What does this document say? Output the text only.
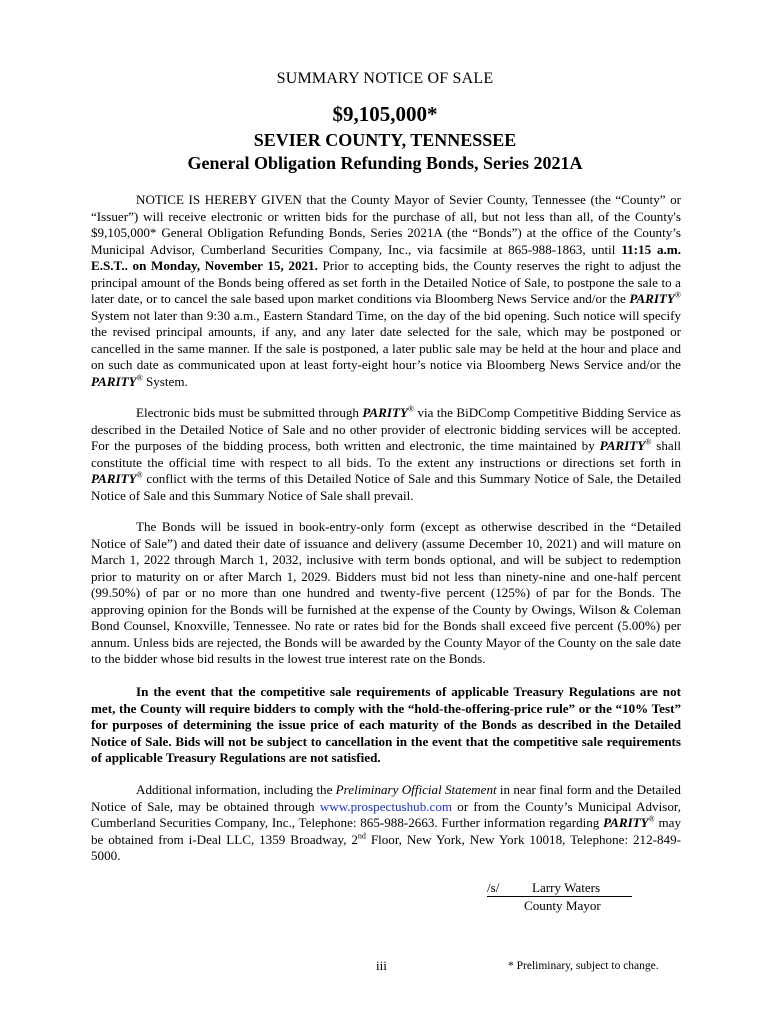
SUMMARY NOTICE OF SALE
$9,105,000*
SEVIER COUNTY, TENNESSEE
General Obligation Refunding Bonds, Series 2021A

NOTICE IS HEREBY GIVEN that the County Mayor of Sevier County, Tennessee (the “County” or “Issuer”) will receive electronic or written bids for the purchase of all, but not less than all, of the County's $9,105,000* General Obligation Refunding Bonds, Series 2021A (the “Bonds”) at the office of the County’s Municipal Advisor, Cumberland Securities Company, Inc., via facsimile at 865-988-1863, until 11:15 a.m. E.S.T.. on Monday, November 15, 2021. Prior to accepting bids, the County reserves the right to adjust the principal amount of the Bonds being offered as set forth in the Detailed Notice of Sale, to postpone the sale to a later date, or to cancel the sale based upon market conditions via Bloomberg News Service and/or the PARITY® System not later than 9:30 a.m., Eastern Standard Time, on the day of the bid opening. Such notice will specify the revised principal amounts, if any, and any later date selected for the sale, which may be postponed or cancelled in the same manner. If the sale is postponed, a later public sale may be held at the hour and place and on such date as communicated upon at least forty-eight hour’s notice via Bloomberg News Service and/or the PARITY® System.

Electronic bids must be submitted through PARITY® via the BiDComp Competitive Bidding Service as described in the Detailed Notice of Sale and no other provider of electronic bidding services will be accepted. For the purposes of the bidding process, both written and electronic, the time maintained by PARITY® shall constitute the official time with respect to all bids. To the extent any instructions or directions set forth in PARITY® conflict with the terms of this Detailed Notice of Sale and this Summary Notice of Sale, the Detailed Notice of Sale and this Summary Notice of Sale shall prevail.

The Bonds will be issued in book-entry-only form (except as otherwise described in the “Detailed Notice of Sale”) and dated their date of issuance and delivery (assume December 10, 2021) and will mature on March 1, 2022 through March 1, 2032, inclusive with term bonds optional, and will be subject to redemption prior to maturity on or after March 1, 2029. Bidders must bid not less than ninety-nine and one-half percent (99.50%) of par or no more than one hundred and twenty-five percent (125%) of par for the Bonds. The approving opinion for the Bonds will be furnished at the expense of the County by Owings, Wilson & Coleman Bond Counsel, Knoxville, Tennessee. No rate or rates bid for the Bonds shall exceed five percent (5.00%) per annum. Unless bids are rejected, the Bonds will be awarded by the County Mayor of the County on the sale date to the bidder whose bid results in the lowest true interest rate on the Bonds.

In the event that the competitive sale requirements of applicable Treasury Regulations are not met, the County will require bidders to comply with the “hold-the-offering-price rule” or the “10% Test” for purposes of determining the issue price of each maturity of the Bonds as described in the Detailed Notice of Sale. Bids will not be subject to cancellation in the event that the competitive sale requirements of applicable Treasury Regulations are not satisfied.

Additional information, including the Preliminary Official Statement in near final form and the Detailed Notice of Sale, may be obtained through www.prospectushub.com or from the County’s Municipal Advisor, Cumberland Securities Company, Inc., Telephone: 865-988-2663. Further information regarding PARITY® may be obtained from i-Deal LLC, 1359 Broadway, 2nd Floor, New York, New York 10018, Telephone: 212-849-5000.

/s/	Larry Waters
County Mayor
iii	* Preliminary, subject to change.
